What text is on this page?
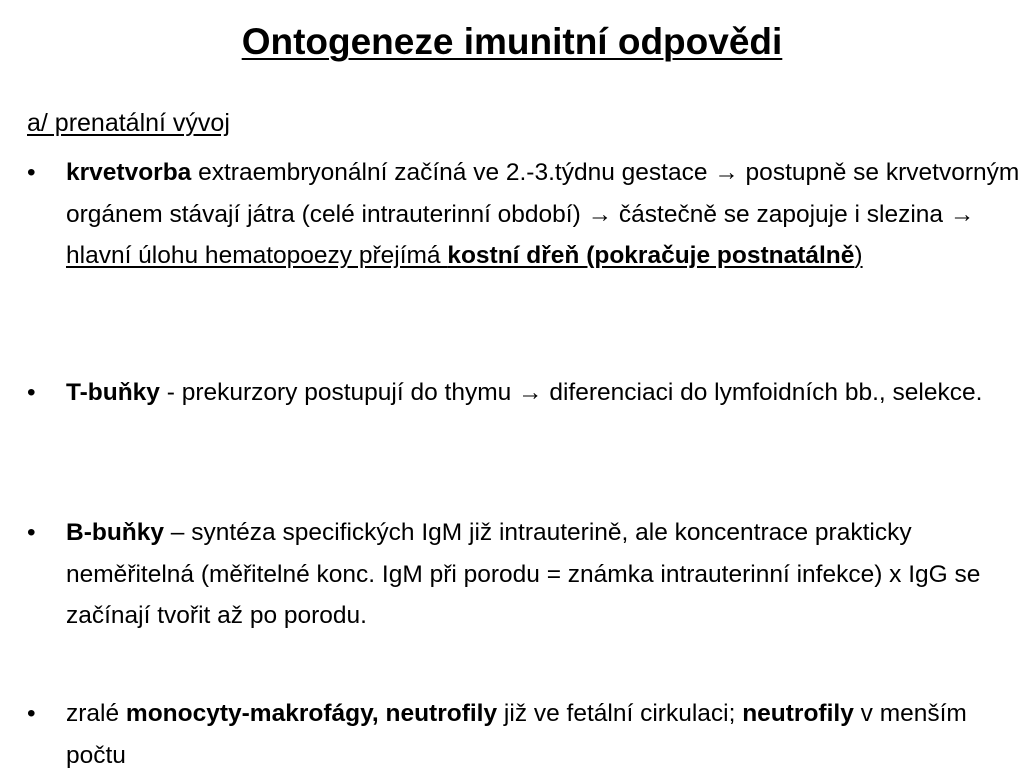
Ontogeneze imunitní odpovědi
a/ prenatální vývoj
•	krvetvorba extraembryonální začíná ve 2.-3.týdnu gestace → postupně se krvetvorným orgánem stávají játra (celé intrauterinní období) → částečně se zapojuje i slezina → hlavní úlohu hematopoezy přejímá kostní dřeň (pokračuje postnatálně)
•	T-buňky - prekurzory postupují do thymu → diferenciaci do lymfoidních bb., selekce.
•	B-buňky – syntéza specifických IgM již intrauterině, ale koncentrace prakticky neměřitelná (měřitelné konc. IgM při porodu = známka intrauterinní infekce) x IgG se začínají tvořit až po porodu.
•	zralé monocyty-makrofágy, neutrofily již ve fetální cirkulaci; neutrofily v menším počtu
